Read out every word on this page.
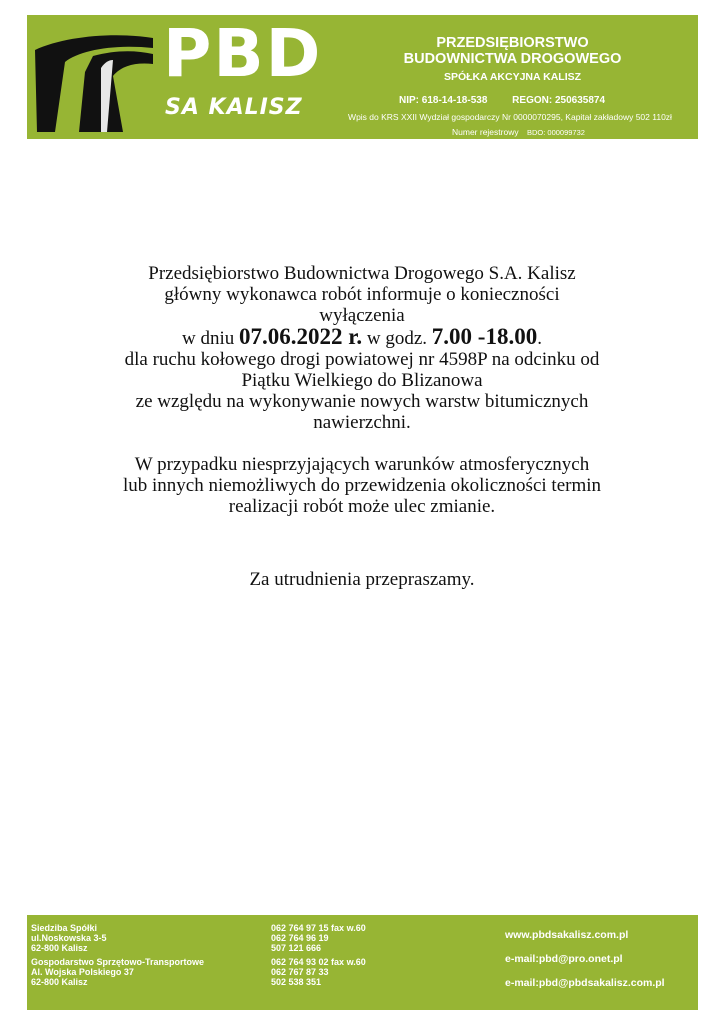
PBD

SA KALISZ

PRZEDSIĘBIORSTWO
BUDOWNICTWA DROGOWEGO
SPÓŁKA AKCYJNA KALISZ
NIP: 618-14-18-538 REGON: 250635874
Wpis do KRS XXII Wydział gospodarczy Nr 0000070295, Kapitał zakładowy 502 110zł
Numer rejestrowy BDO: 000099732

Przedsiębiorstwo Budownictwa Drogowego S.A. Kalisz

główny wykonawca robót informuje o konieczności

wyłączenia

w dniu 07.06.2022 r. w godz. 7.00 -18.00.

dla ruchu kołowego drogi powiatowej nr 4598P na odcinku od

Piątku Wielkiego do Blizanowa

ze względu na wykonywanie nowych warstw bitumicznych

nawierzchni.

W przypadku niesprzyjających warunków atmosferycznych

lub innych niemożliwych do przewidzenia okoliczności termin

realizacji robót może ulec zmianie.

Za utrudnienia przepraszamy.

Siedziba Spółki
ul.Noskowska 3-5
62-800 Kalisz
Gospodarstwo Sprzętowo-Transportowe
Al. Wojska Polskiego 37
62-800 Kalisz
062 764 97 15 fax w.60
062 764 96 19
507 121 666
062 764 93 02 fax w.60
062 767 87 33
502 538 351
www.pbdsakalisz.com.pl
e-mail:pbd@pro.onet.pl
e-mail:pbd@pbdsakalisz.com.pl
